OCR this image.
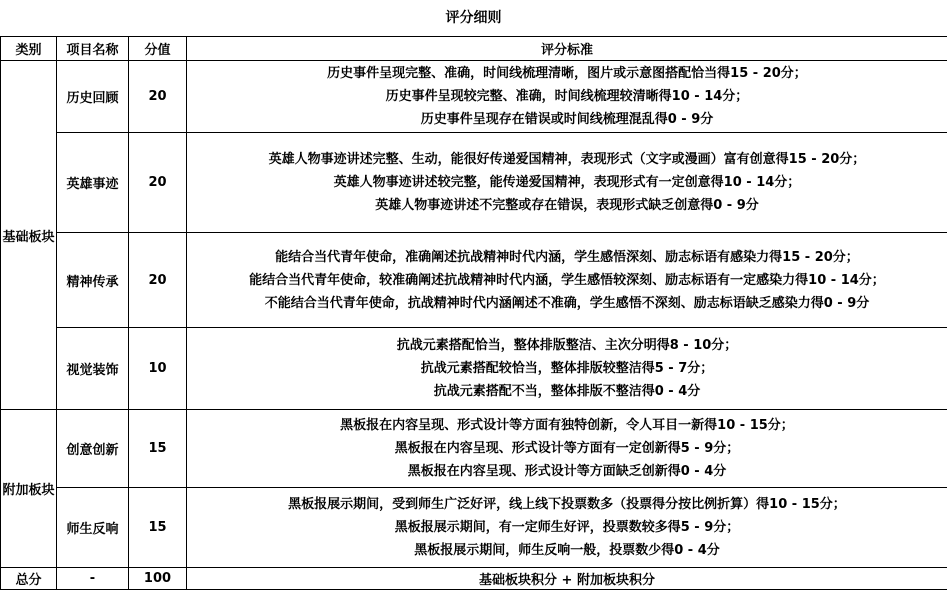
评分细则
类别	项目名称	分值	评分标准
基础板块	历史回顾	20	历史事件呈现完整、准确，时间线梳理清晰，图片或示意图搭配恰当得15 - 20分；
历史事件呈现较完整、准确，时间线梳理较清晰得10 - 14分；
历史事件呈现存在错误或时间线梳理混乱得0 - 9分

	英雄事迹	20	英雄人物事迹讲述完整、生动，能很好传递爱国精神，表现形式（文字或漫画）富有创意得15 - 20分；
英雄人物事迹讲述较完整，能传递爱国精神，表现形式有一定创意得10 - 14分；
英雄人物事迹讲述不完整或存在错误，表现形式缺乏创意得0 - 9分

	精神传承	20	能结合当代青年使命，准确阐述抗战精神时代内涵，学生感悟深刻、励志标语有感染力得15 - 20分；
能结合当代青年使命，较准确阐述抗战精神时代内涵，学生感悟较深刻、励志标语有一定感染力得10 - 14分；
不能结合当代青年使命，抗战精神时代内涵阐述不准确，学生感悟不深刻、励志标语缺乏感染力得0 - 9分

	视觉装饰	10	抗战元素搭配恰当，整体排版整洁、主次分明得8 - 10分；
抗战元素搭配较恰当，整体排版较整洁得5 - 7分；
抗战元素搭配不当，整体排版不整洁得0 - 4分

附加板块	创意创新	15	黑板报在内容呈现、形式设计等方面有独特创新，令人耳目一新得10 - 15分；
黑板报在内容呈现、形式设计等方面有一定创新得5 - 9分；
黑板报在内容呈现、形式设计等方面缺乏创新得0 - 4分

	师生反响	15	黑板报展示期间，受到师生广泛好评，线上线下投票数多（投票得分按比例折算）得10 - 15分；
黑板报展示期间，有一定师生好评，投票数较多得5 - 9分；
黑板报展示期间，师生反响一般，投票数少得0 - 4分

总分	-	100	基础板块积分 + 附加板块积分
